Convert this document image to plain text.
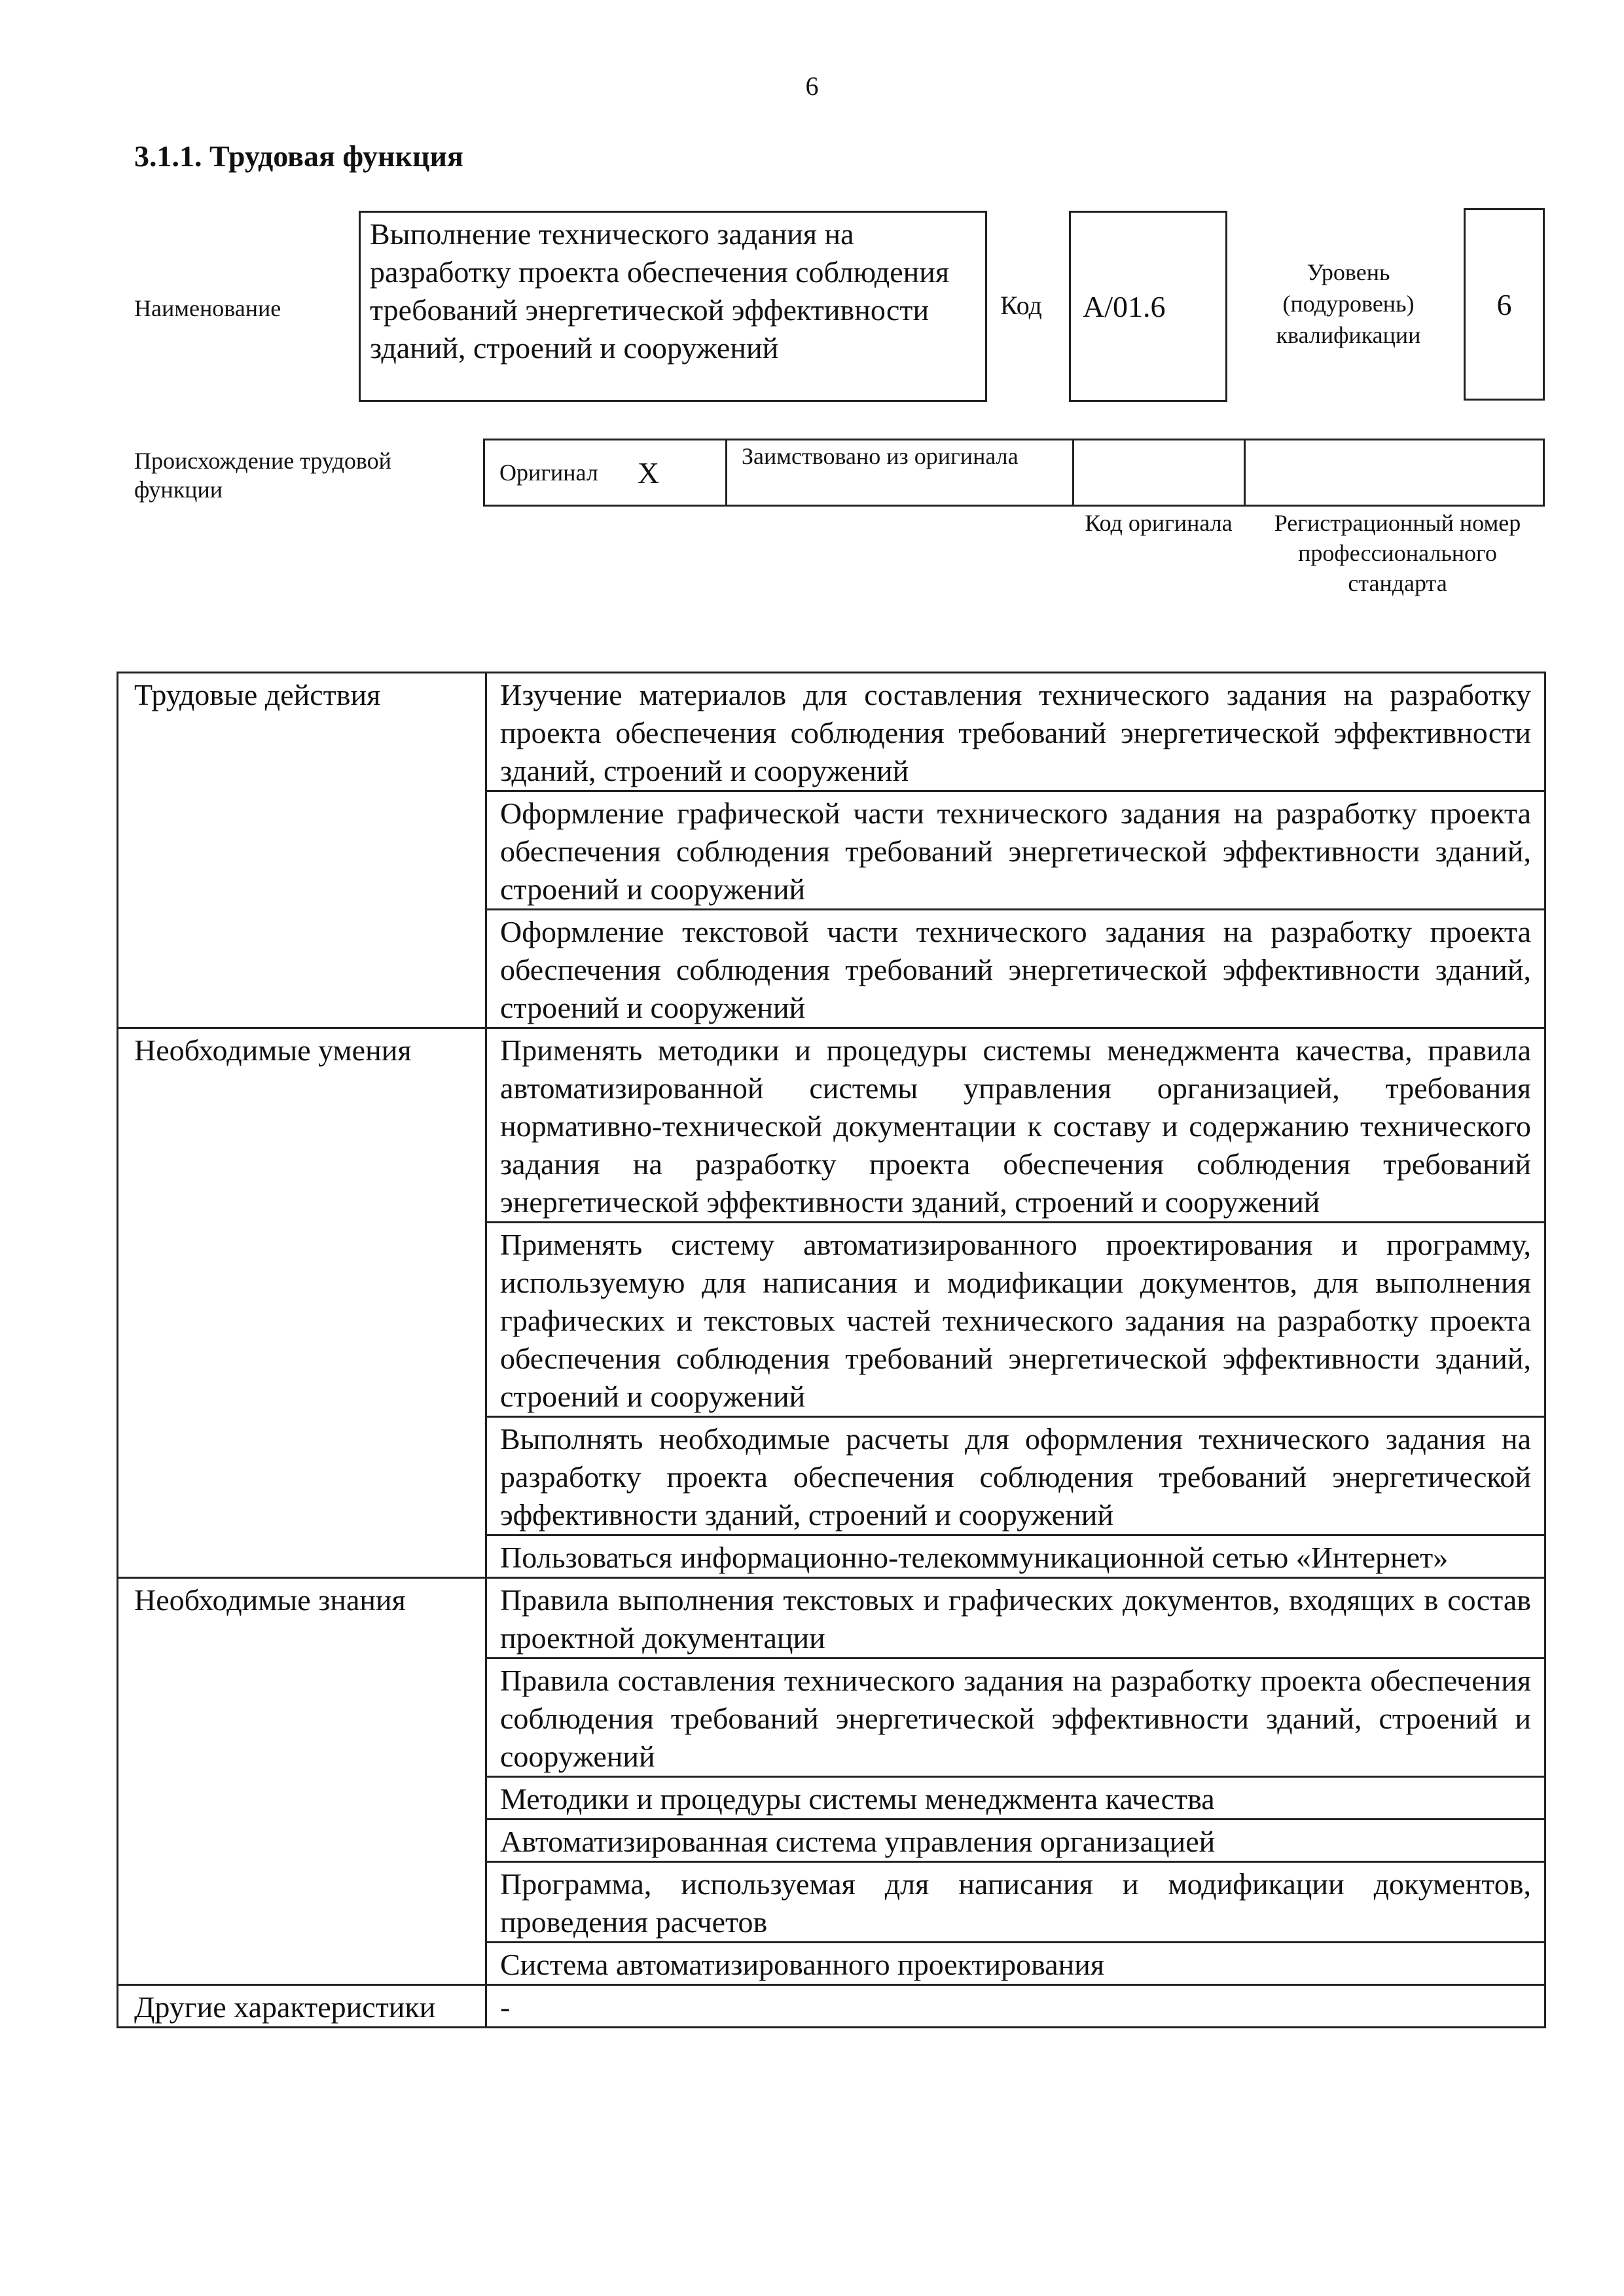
6
3.1.1. Трудовая функция
Наименование
Выполнение технического задания на разработку проекта обеспечения соблюдения требований энергетической эффективности зданий, строений и сооружений
Код А/01.6
Уровень
(подуровень)
квалификации
6
Происхождение трудовой функции
Оригинал X	Заимствовано из оригинала
Код оригинала	Регистрационный номер профессионального стандарта
Трудовые действия	Изучение материалов для составления технического задания на разработку проекта обеспечения соблюдения требований энергетической эффективности зданий, строений и сооружений
	Оформление графической части технического задания на разработку проекта обеспечения соблюдения требований энергетической эффективности зданий, строений и сооружений
	Оформление текстовой части технического задания на разработку проекта обеспечения соблюдения требований энергетической эффективности зданий, строений и сооружений
Необходимые умения	Применять методики и процедуры системы менеджмента качества, правила автоматизированной системы управления организацией, требования нормативно-технической документации к составу и содержанию технического задания на разработку проекта обеспечения соблюдения требований энергетической эффективности зданий, строений и сооружений
	Применять систему автоматизированного проектирования и программу, используемую для написания и модификации документов, для выполнения графических и текстовых частей технического задания на разработку проекта обеспечения соблюдения требований энергетической эффективности зданий, строений и сооружений
	Выполнять необходимые расчеты для оформления технического задания на разработку проекта обеспечения соблюдения требований энергетической эффективности зданий, строений и сооружений
	Пользоваться информационно-телекоммуникационной сетью «Интернет»
Необходимые знания	Правила выполнения текстовых и графических документов, входящих в состав проектной документации
	Правила составления технического задания на разработку проекта обеспечения соблюдения требований энергетической эффективности зданий, строений и сооружений
	Методики и процедуры системы менеджмента качества
	Автоматизированная система управления организацией
	Программа, используемая для написания и модификации документов, проведения расчетов
	Система автоматизированного проектирования
Другие характеристики	-
